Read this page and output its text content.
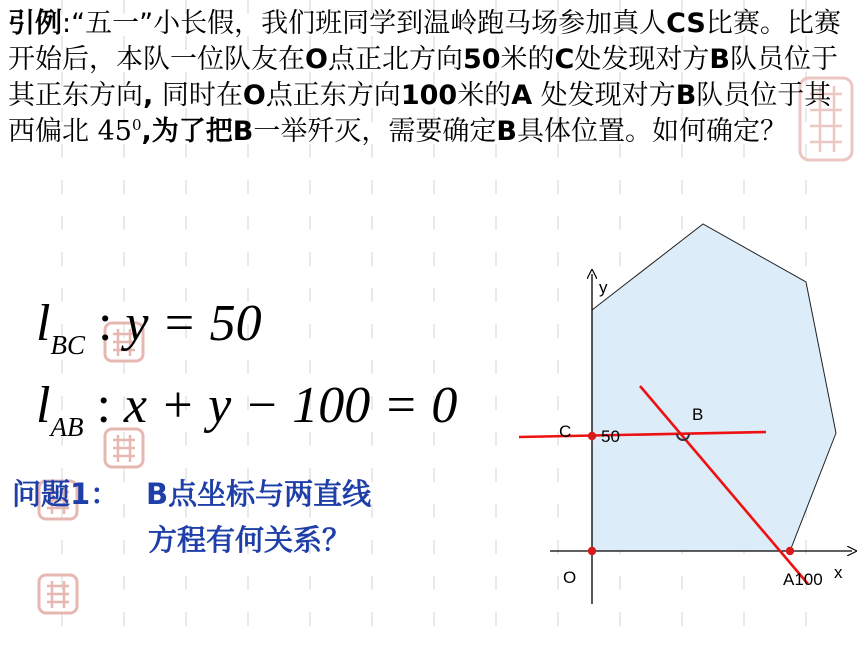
引例:“五一”小长假，我们班同学到温岭跑马场参加真人CS比赛。比赛开始后，本队一位队友在O点正北方向50米的C处发现对方B队员位于其正东方向, 同时在O点正东方向100米的A 处发现对方B队员位于其西偏北 $45^0$,为了把B一举歼灭，需要确定B具体位置。如何确定？

$l_{BC}$ : y = 50
$l_{AB}$ : x + y − 100 = 0
问题1： B点坐标与两直线
方程有何关系？
y
x
O
C 50
B
A100
